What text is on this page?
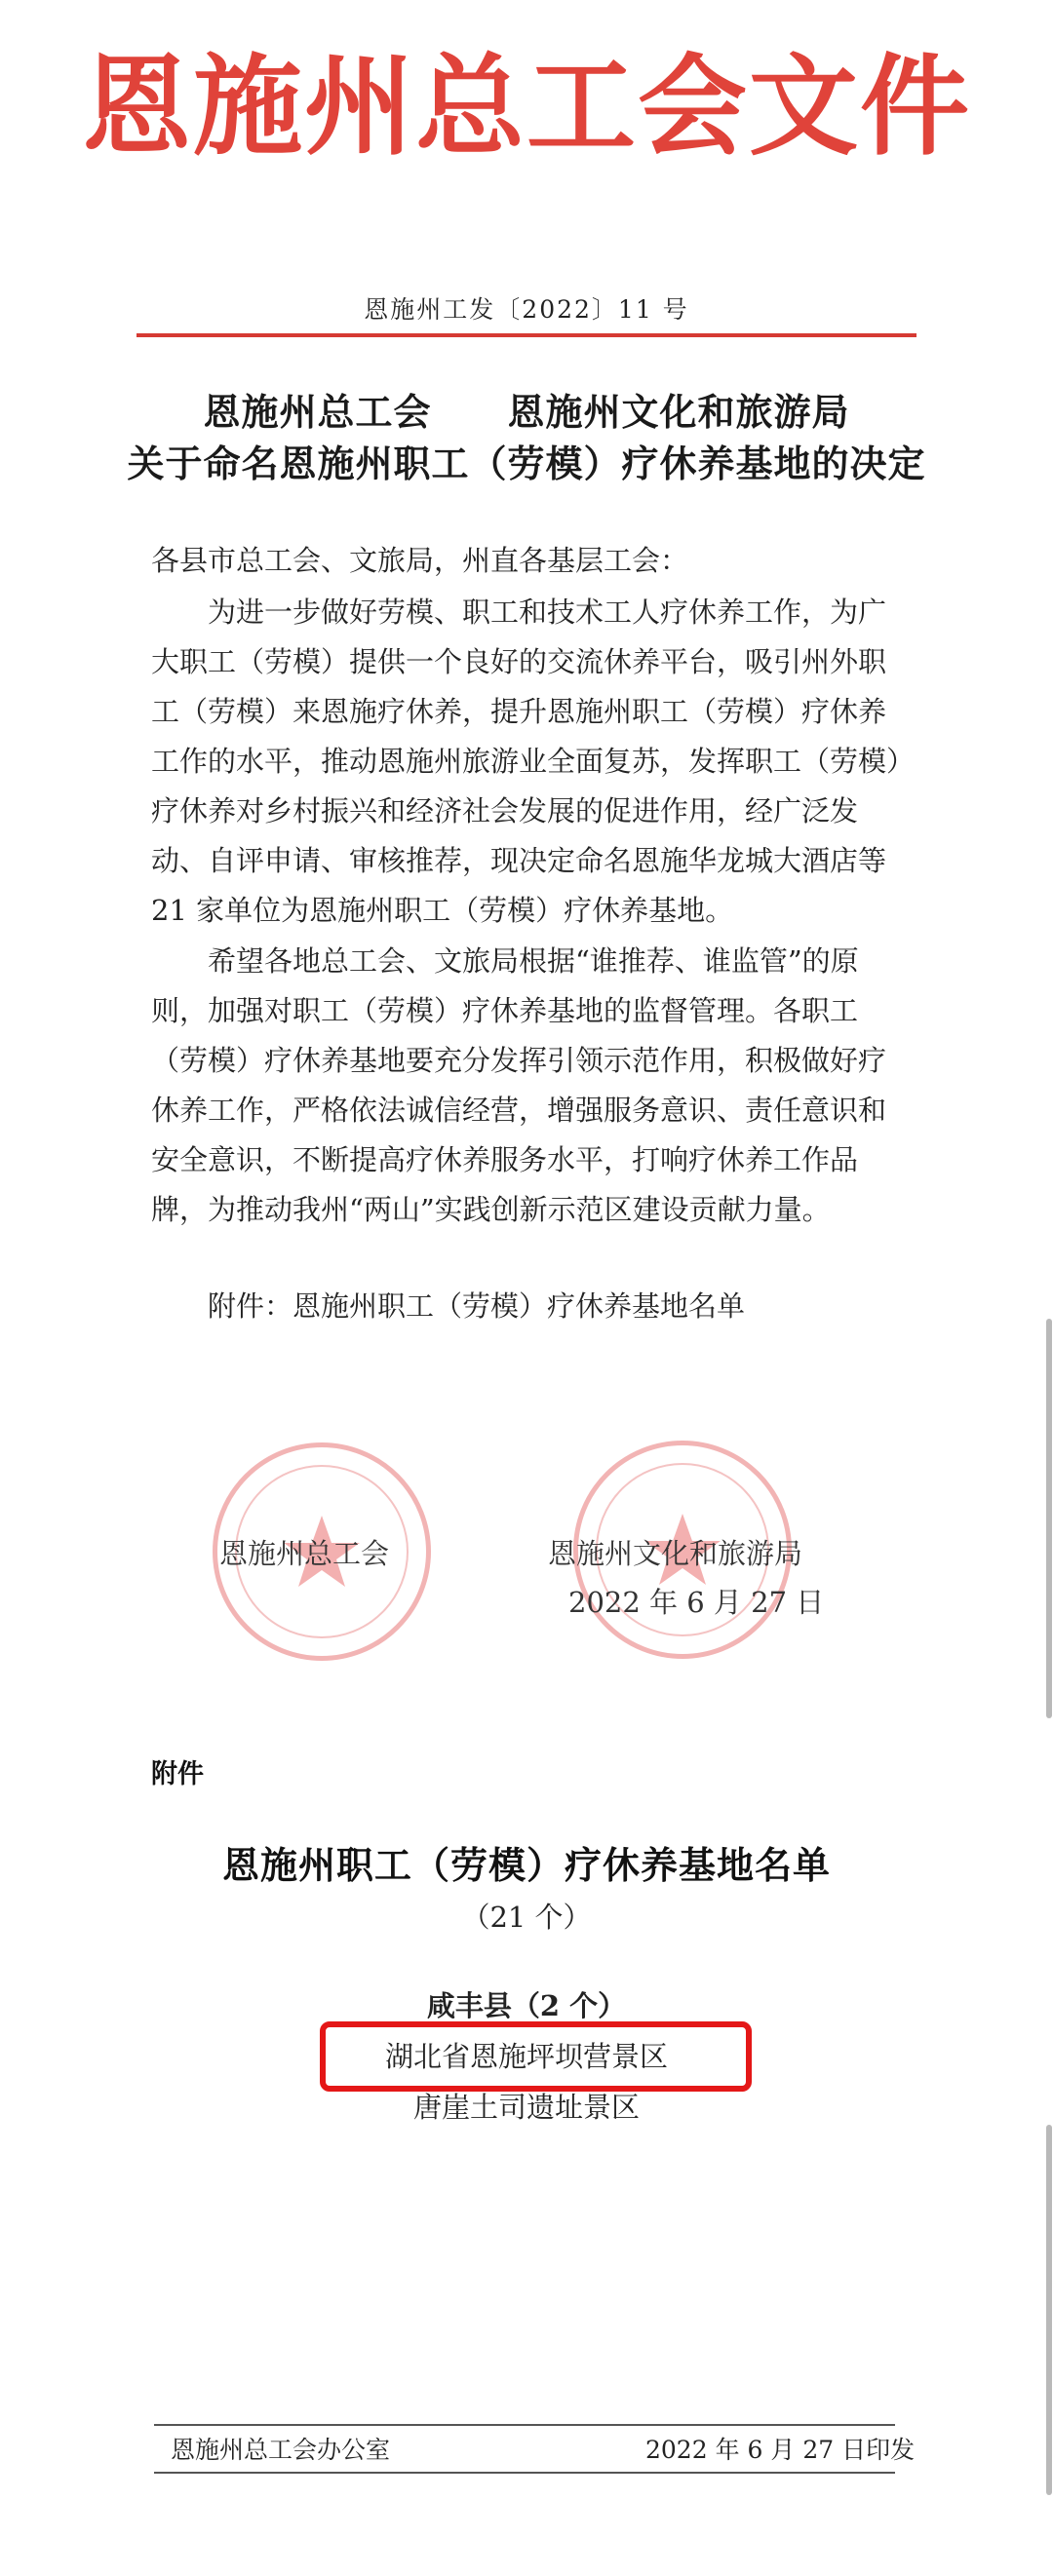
恩施州总工会文件
恩施州工发〔2022〕11 号
恩施州总工会　　恩施州文化和旅游局
关于命名恩施州职工（劳模）疗休养基地的决定
各县市总工会、文旅局，州直各基层工会：

为进一步做好劳模、职工和技术工人疗休养工作，为广大职工（劳模）提供一个良好的交流休养平台，吸引州外职工（劳模）来恩施疗休养，提升恩施州职工（劳模）疗休养工作的水平，推动恩施州旅游业全面复苏，发挥职工（劳模）疗休养对乡村振兴和经济社会发展的促进作用，经广泛发动、自评申请、审核推荐，现决定命名恩施华龙城大酒店等21 家单位为恩施州职工（劳模）疗休养基地。

希望各地总工会、文旅局根据“谁推荐、谁监管”的原则，加强对职工（劳模）疗休养基地的监督管理。各职工（劳模）疗休养基地要充分发挥引领示范作用，积极做好疗休养工作，严格依法诚信经营，增强服务意识、责任意识和安全意识，不断提高疗休养服务水平，打响疗休养工作品牌，为推动我州“两山”实践创新示范区建设贡献力量。

附件：恩施州职工（劳模）疗休养基地名单
恩施州总工会	恩施州文化和旅游局
2022 年 6 月 27 日
附件
恩施州职工（劳模）疗休养基地名单
（21 个）
咸丰县（2 个）
湖北省恩施坪坝营景区
唐崖土司遗址景区
恩施州总工会办公室	2022 年 6 月 27 日印发
